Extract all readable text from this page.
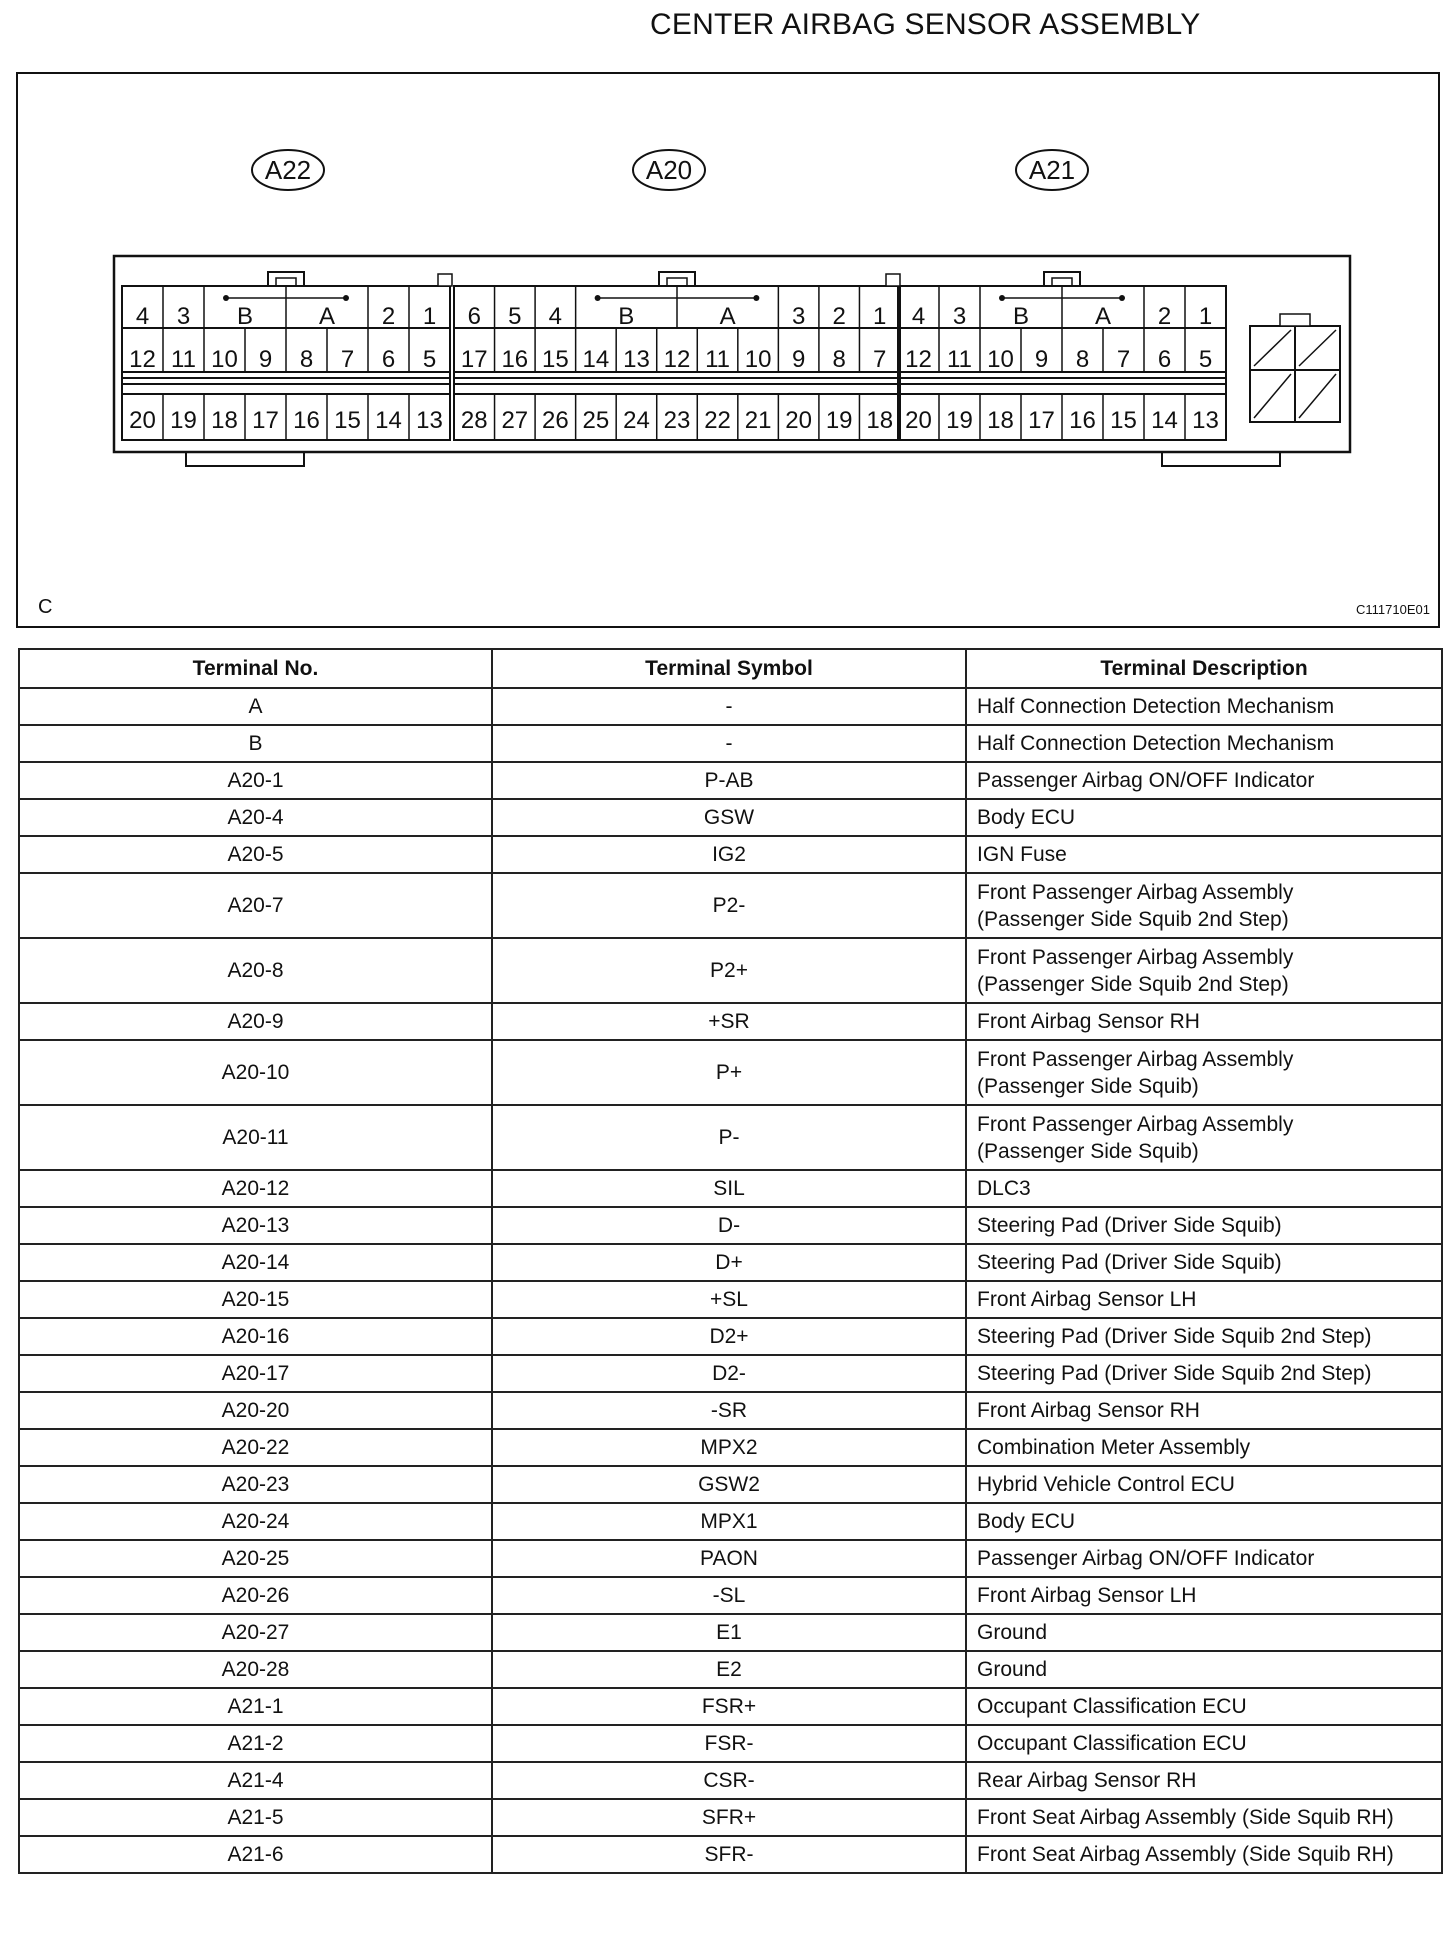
CENTER AIRBAG SENSOR ASSEMBLY
A22
12 11 10 9 8 7 6 5
20 19 18 17 16 15 14 13
4 3 B	A 2 1
A20
17 16 15 14 13 12 11 10 9 8 7
28 27 26 25 24 23 22 21 20 19 18
6 5 4 B	A 3 2 1
A21
12 11 10 9 8 7 6 5
20 19 18 17 16 15 14 13
4 3 B	A 2 1
C	C111710E01
Terminal No.	Terminal Symbol	Terminal Description
A	-	Half Connection Detection Mechanism
B	-	Half Connection Detection Mechanism
A20-1	P-AB	Passenger Airbag ON/OFF Indicator
A20-4	GSW	Body ECU
A20-5	IG2	IGN Fuse
A20-7	P2-	Front Passenger Airbag Assembly
(Passenger Side Squib 2nd Step)
A20-8	P2+	Front Passenger Airbag Assembly
(Passenger Side Squib 2nd Step)
A20-9	+SR	Front Airbag Sensor RH
A20-10	P+	Front Passenger Airbag Assembly
(Passenger Side Squib)
A20-11	P-	Front Passenger Airbag Assembly
(Passenger Side Squib)
A20-12	SIL	DLC3
A20-13	D-	Steering Pad (Driver Side Squib)
A20-14	D+	Steering Pad (Driver Side Squib)
A20-15	+SL	Front Airbag Sensor LH
A20-16	D2+	Steering Pad (Driver Side Squib 2nd Step)
A20-17	D2-	Steering Pad (Driver Side Squib 2nd Step)
A20-20	-SR	Front Airbag Sensor RH
A20-22	MPX2	Combination Meter Assembly
A20-23	GSW2	Hybrid Vehicle Control ECU
A20-24	MPX1	Body ECU
A20-25	PAON	Passenger Airbag ON/OFF Indicator
A20-26	-SL	Front Airbag Sensor LH
A20-27	E1	Ground
A20-28	E2	Ground
A21-1	FSR+	Occupant Classification ECU
A21-2	FSR-	Occupant Classification ECU
A21-4	CSR-	Rear Airbag Sensor RH
A21-5	SFR+	Front Seat Airbag Assembly (Side Squib RH)
A21-6	SFR-	Front Seat Airbag Assembly (Side Squib RH)
